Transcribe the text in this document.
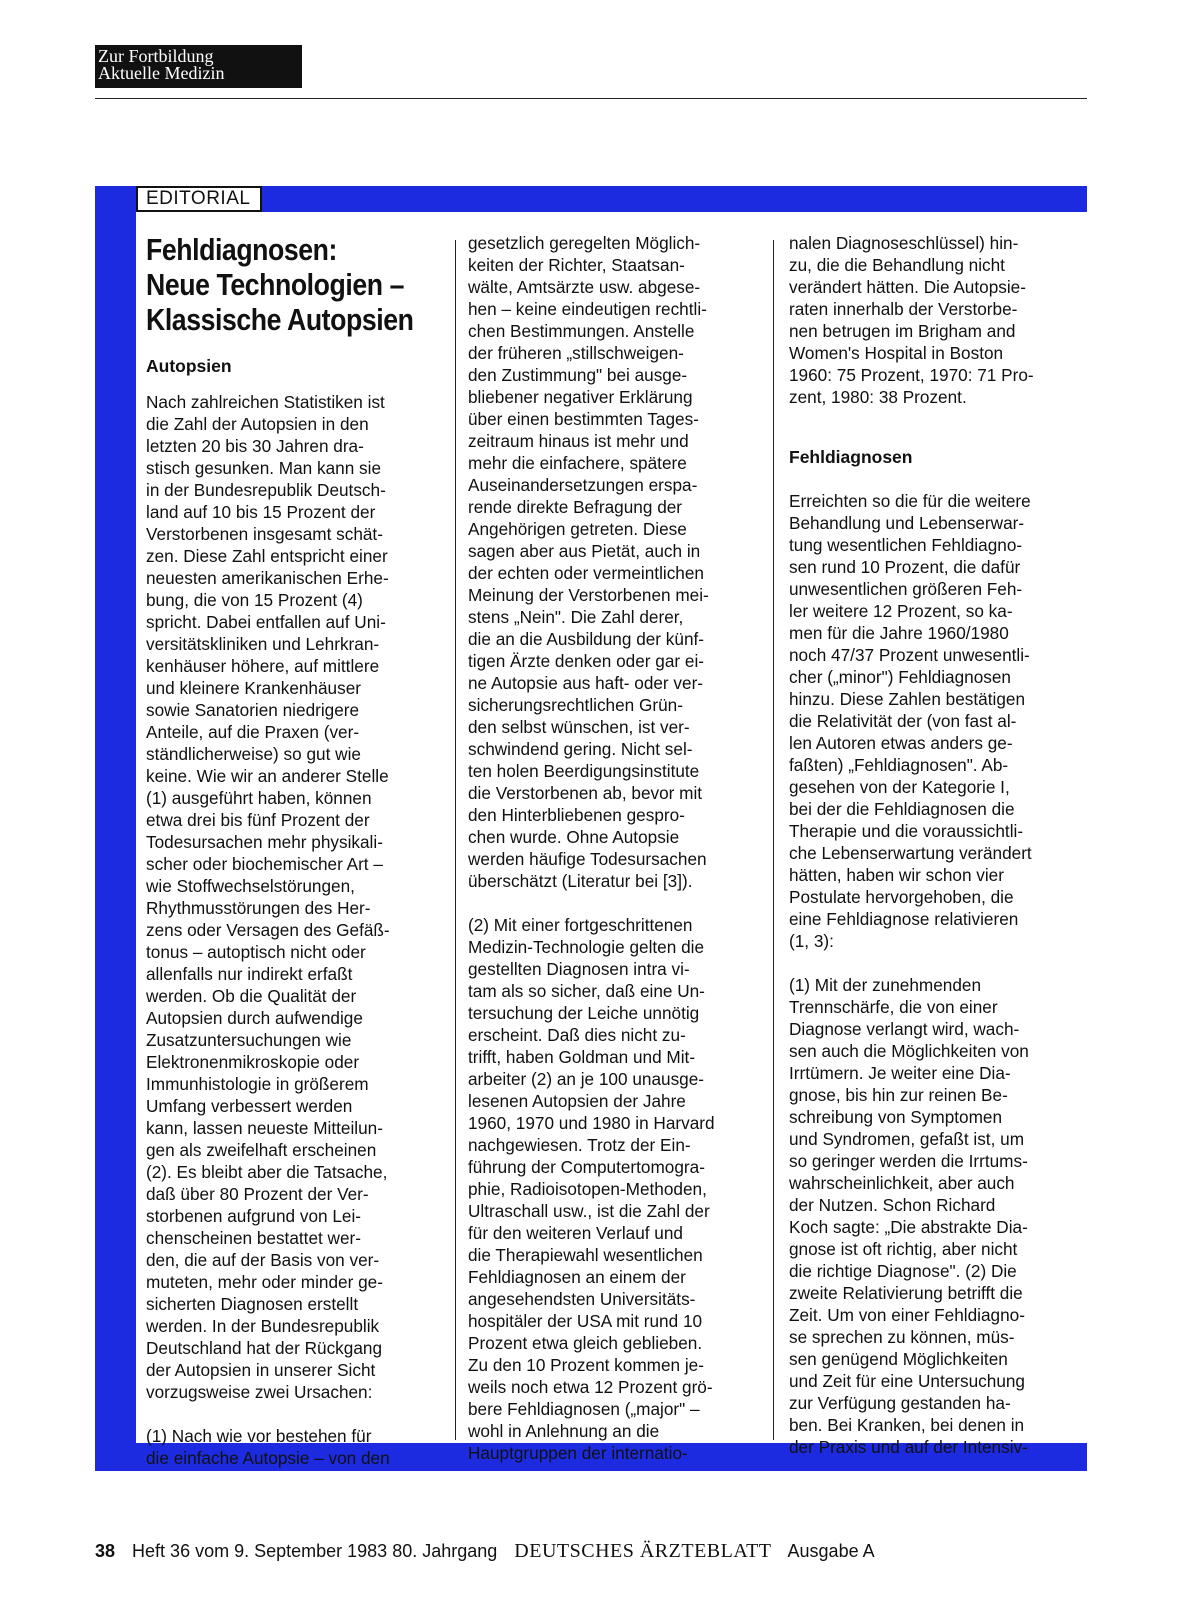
Zur Fortbildung
Aktuelle Medizin
EDITORIAL
Fehldiagnosen:
Neue Technologien –
Klassische Autopsien
Autopsien
Nach zahlreichen Statistiken ist
die Zahl der Autopsien in den
letzten 20 bis 30 Jahren dra-
stisch gesunken. Man kann sie
in der Bundesrepublik Deutsch-
land auf 10 bis 15 Prozent der
Verstorbenen insgesamt schät-
zen. Diese Zahl entspricht einer
neuesten amerikanischen Erhe-
bung, die von 15 Prozent (4)
spricht. Dabei entfallen auf Uni-
versitätskliniken und Lehrkran-
kenhäuser höhere, auf mittlere
und kleinere Krankenhäuser
sowie Sanatorien niedrigere
Anteile, auf die Praxen (ver-
ständlicherweise) so gut wie
keine. Wie wir an anderer Stelle
(1) ausgeführt haben, können
etwa drei bis fünf Prozent der
Todesursachen mehr physikali-
scher oder biochemischer Art –
wie Stoffwechselstörungen,
Rhythmusstörungen des Her-
zens oder Versagen des Gefäß-
tonus – autoptisch nicht oder
allenfalls nur indirekt erfaßt
werden. Ob die Qualität der
Autopsien durch aufwendige
Zusatzuntersuchungen wie
Elektronenmikroskopie oder
Immunhistologie in größerem
Umfang verbessert werden
kann, lassen neueste Mitteilun-
gen als zweifelhaft erscheinen
(2). Es bleibt aber die Tatsache,
daß über 80 Prozent der Ver-
storbenen aufgrund von Lei-
chenscheinen bestattet wer-
den, die auf der Basis von ver-
muteten, mehr oder minder ge-
sicherten Diagnosen erstellt
werden. In der Bundesrepublik
Deutschland hat der Rückgang
der Autopsien in unserer Sicht
vorzugsweise zwei Ursachen:
(1) Nach wie vor bestehen für
die einfache Autopsie – von den
gesetzlich geregelten Möglich-
keiten der Richter, Staatsan-
wälte, Amtsärzte usw. abgese-
hen – keine eindeutigen rechtli-
chen Bestimmungen. Anstelle
der früheren „stillschweigen-
den Zustimmung" bei ausge-
bliebener negativer Erklärung
über einen bestimmten Tages-
zeitraum hinaus ist mehr und
mehr die einfachere, spätere
Auseinandersetzungen erspa-
rende direkte Befragung der
Angehörigen getreten. Diese
sagen aber aus Pietät, auch in
der echten oder vermeintlichen
Meinung der Verstorbenen mei-
stens „Nein". Die Zahl derer,
die an die Ausbildung der künf-
tigen Ärzte denken oder gar ei-
ne Autopsie aus haft- oder ver-
sicherungsrechtlichen Grün-
den selbst wünschen, ist ver-
schwindend gering. Nicht sel-
ten holen Beerdigungsinstitute
die Verstorbenen ab, bevor mit
den Hinterbliebenen gespro-
chen wurde. Ohne Autopsie
werden häufige Todesursachen
überschätzt (Literatur bei [3]).
(2) Mit einer fortgeschrittenen
Medizin-Technologie gelten die
gestellten Diagnosen intra vi-
tam als so sicher, daß eine Un-
tersuchung der Leiche unnötig
erscheint. Daß dies nicht zu-
trifft, haben Goldman und Mit-
arbeiter (2) an je 100 unausge-
lesenen Autopsien der Jahre
1960, 1970 und 1980 in Harvard
nachgewiesen. Trotz der Ein-
führung der Computertomogra-
phie, Radioisotopen-Methoden,
Ultraschall usw., ist die Zahl der
für den weiteren Verlauf und
die Therapiewahl wesentlichen
Fehldiagnosen an einem der
angesehendsten Universitäts-
hospitäler der USA mit rund 10
Prozent etwa gleich geblieben.
Zu den 10 Prozent kommen je-
weils noch etwa 12 Prozent grö-
bere Fehldiagnosen („major" –
wohl in Anlehnung an die
Hauptgruppen der internatio-
nalen Diagnoseschlüssel) hin-
zu, die die Behandlung nicht
verändert hätten. Die Autopsie-
raten innerhalb der Verstorbe-
nen betrugen im Brigham and
Women's Hospital in Boston
1960: 75 Prozent, 1970: 71 Pro-
zent, 1980: 38 Prozent.
Fehldiagnosen
Erreichten so die für die weitere
Behandlung und Lebenserwar-
tung wesentlichen Fehldiagno-
sen rund 10 Prozent, die dafür
unwesentlichen größeren Feh-
ler weitere 12 Prozent, so ka-
men für die Jahre 1960/1980
noch 47/37 Prozent unwesentli-
cher („minor") Fehldiagnosen
hinzu. Diese Zahlen bestätigen
die Relativität der (von fast al-
len Autoren etwas anders ge-
faßten) „Fehldiagnosen". Ab-
gesehen von der Kategorie I,
bei der die Fehldiagnosen die
Therapie und die voraussichtli-
che Lebenserwartung verändert
hätten, haben wir schon vier
Postulate hervorgehoben, die
eine Fehldiagnose relativieren
(1, 3):
(1) Mit der zunehmenden
Trennschärfe, die von einer
Diagnose verlangt wird, wach-
sen auch die Möglichkeiten von
Irrtümern. Je weiter eine Dia-
gnose, bis hin zur reinen Be-
schreibung von Symptomen
und Syndromen, gefaßt ist, um
so geringer werden die Irrtums-
wahrscheinlichkeit, aber auch
der Nutzen. Schon Richard
Koch sagte: „Die abstrakte Dia-
gnose ist oft richtig, aber nicht
die richtige Diagnose". (2) Die
zweite Relativierung betrifft die
Zeit. Um von einer Fehldiagno-
se sprechen zu können, müs-
sen genügend Möglichkeiten
und Zeit für eine Untersuchung
zur Verfügung gestanden ha-
ben. Bei Kranken, bei denen in
der Praxis und auf der Intensiv-
38 Heft 36 vom 9. September 1983 80. Jahrgang DEUTSCHES ÄRZTEBLATT Ausgabe A
